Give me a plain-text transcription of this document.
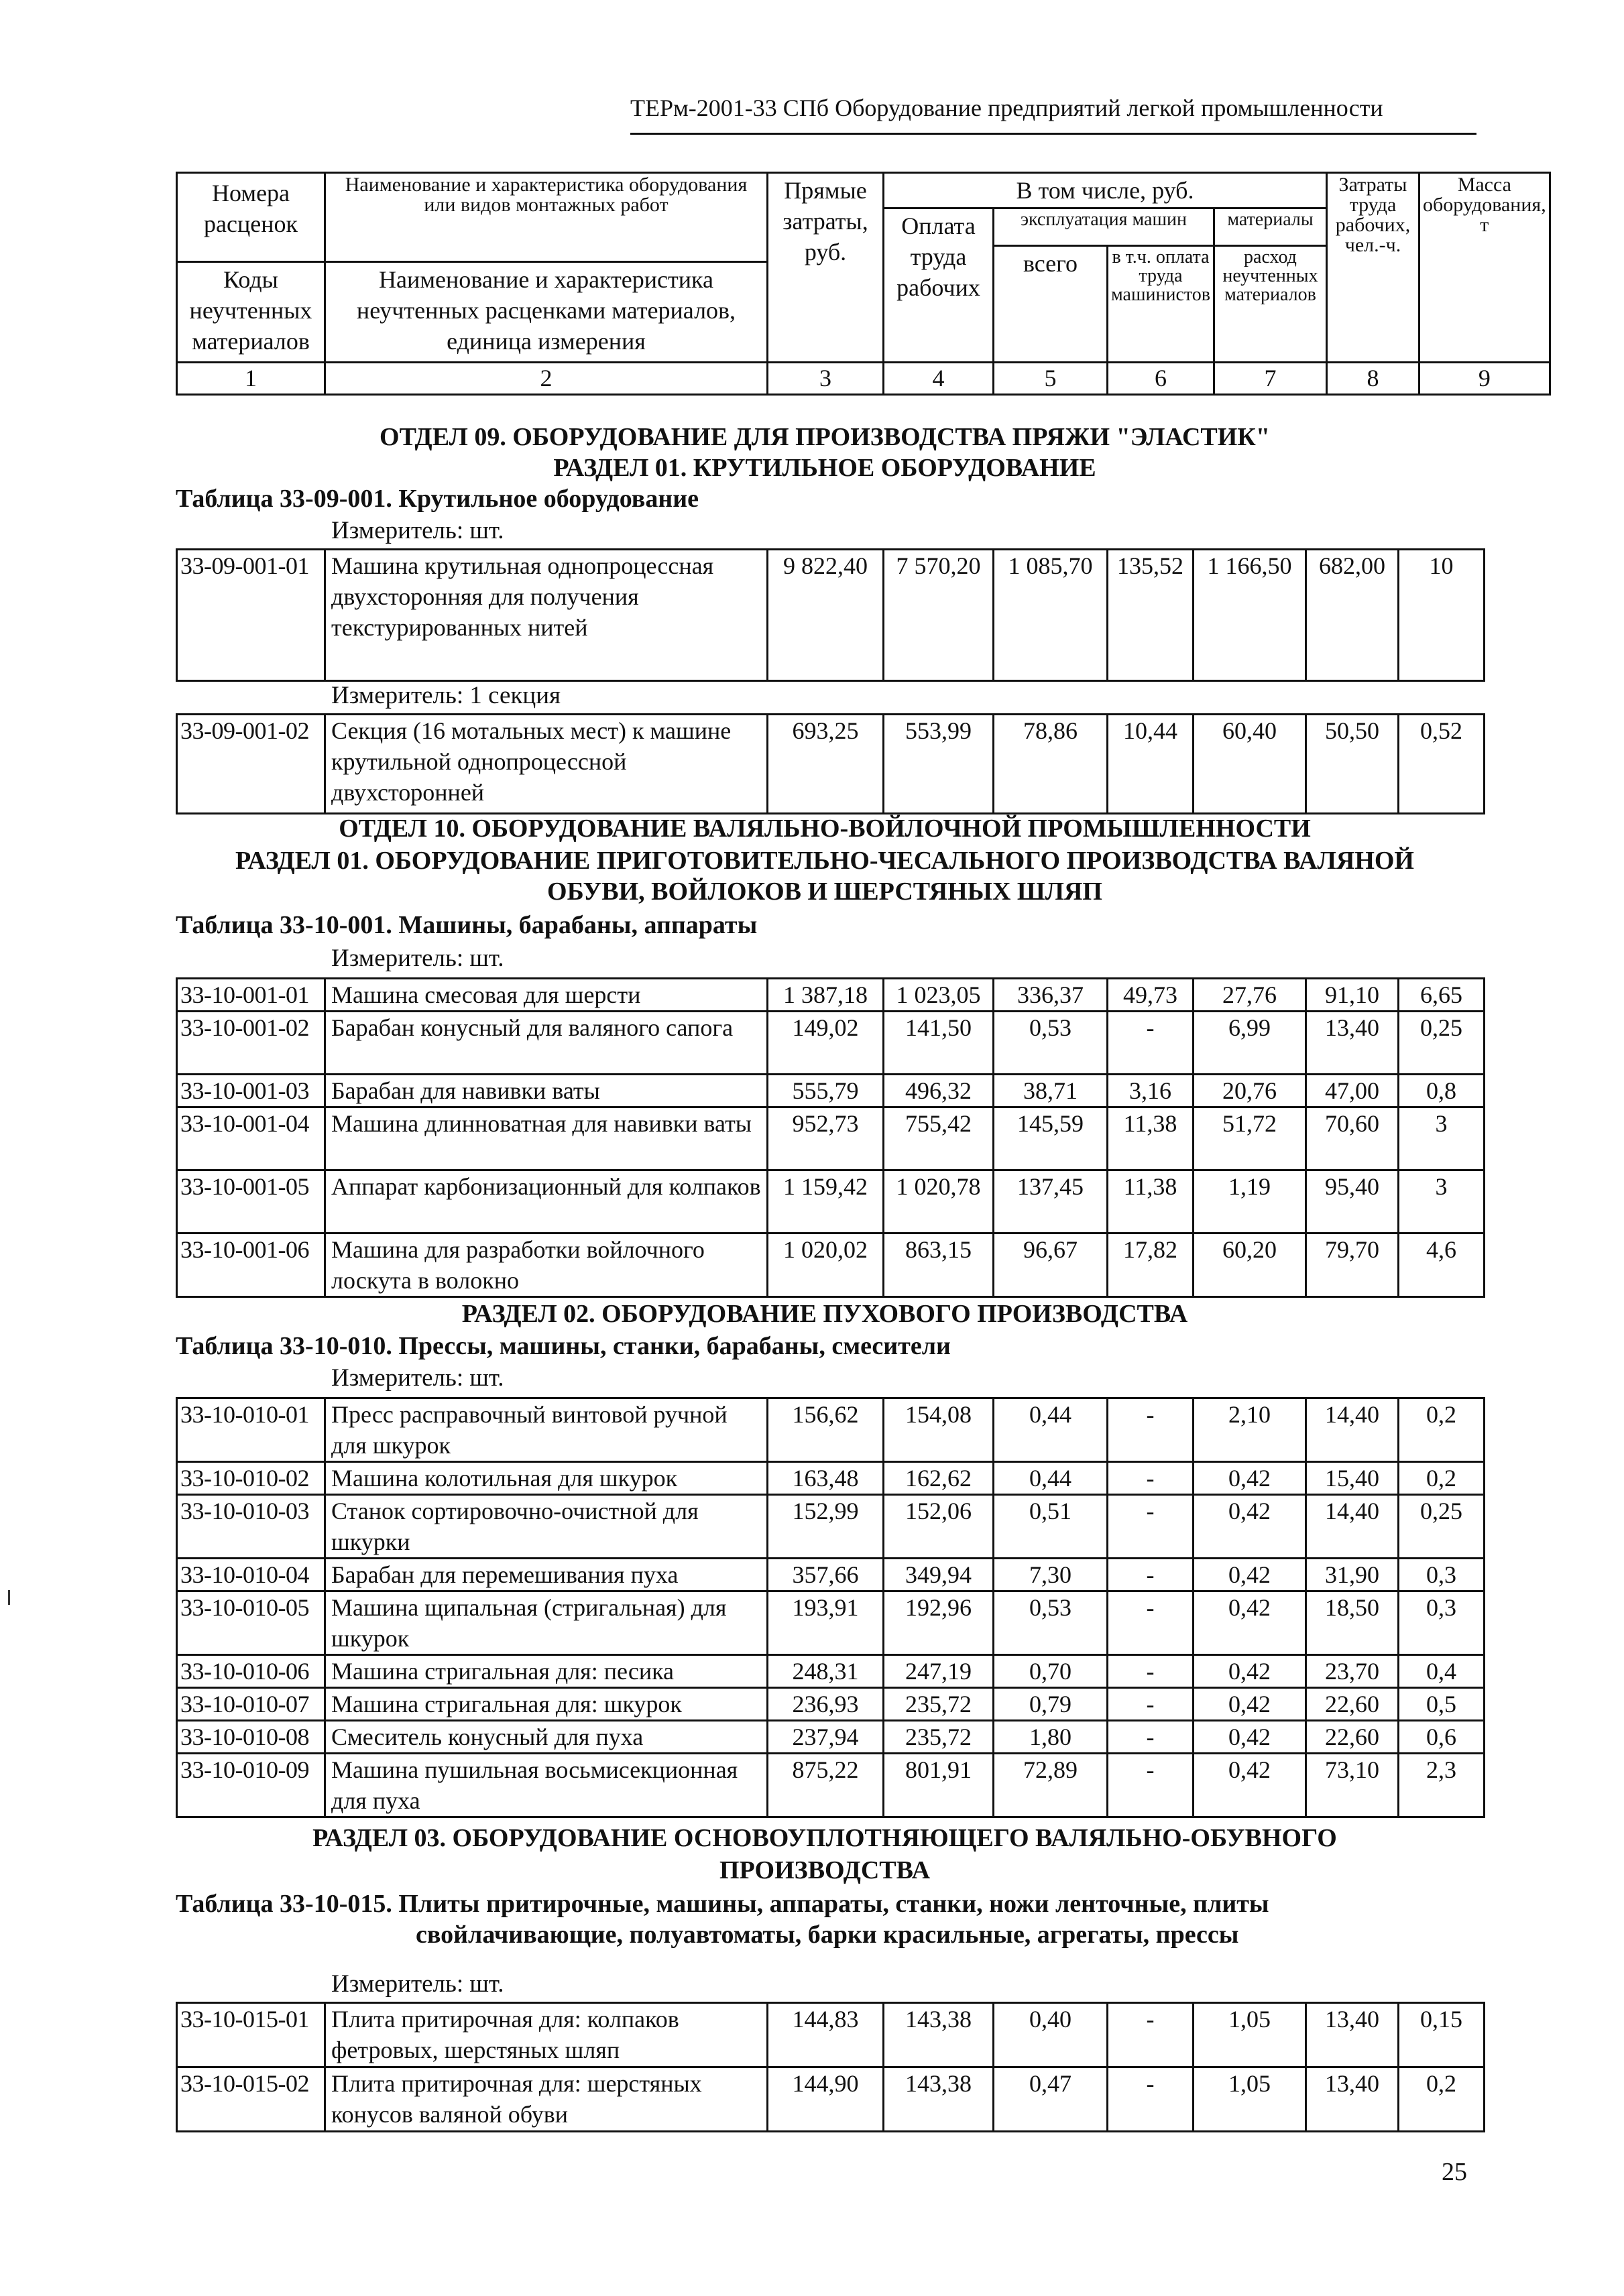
ТЕРм-2001-33 СПб Оборудование предприятий легкой промышленности
Номера расценок	Наименование и характеристика оборудования или видов монтажных работ	Прямые затраты, руб.	В том числе, руб.				Затраты труда рабочих, чел.-ч.	Масса оборудования, т
			Оплата труда рабочих	эксплуатация машин		материалы		
				всего	в т.ч. оплата труда машинистов	расход неучтенных материалов		
Коды неучтенных материалов	Наименование и характеристика неучтенных расценками материалов, единица измерения							

1	2	3	4	5	6	7	8	9
ОТДЕЛ 09. ОБОРУДОВАНИЕ ДЛЯ ПРОИЗВОДСТВА ПРЯЖИ "ЭЛАСТИК"
РАЗДЕЛ 01. КРУТИЛЬНОЕ ОБОРУДОВАНИЕ
Таблица 33-09-001. Крутильное оборудование
Измеритель: шт.
33-09-001-01	Машина крутильная однопроцессная двухсторонняя для получения текстурированных нитей	9 822,40	7 570,20	1 085,70	135,52	1 166,50	682,00	10
Измеритель: 1 секция
33-09-001-02	Секция (16 мотальных мест) к машине крутильной однопроцессной двухсторонней	693,25	553,99	78,86	10,44	60,40	50,50	0,52
ОТДЕЛ 10. ОБОРУДОВАНИЕ ВАЛЯЛЬНО-ВОЙЛОЧНОЙ ПРОМЫШЛЕННОСТИ
РАЗДЕЛ 01. ОБОРУДОВАНИЕ ПРИГОТОВИТЕЛЬНО-ЧЕСАЛЬНОГО ПРОИЗВОДСТВА ВАЛЯНОЙ
ОБУВИ, ВОЙЛОКОВ И ШЕРСТЯНЫХ ШЛЯП
Таблица 33-10-001. Машины, барабаны, аппараты
Измеритель: шт.
33-10-001-01	Машина смесовая для шерсти	1 387,18	1 023,05	336,37	49,73	27,76	91,10	6,65
33-10-001-02	Барабан конусный для валяного сапога	149,02	141,50	0,53	-	6,99	13,40	0,25
33-10-001-03	Барабан для навивки ваты	555,79	496,32	38,71	3,16	20,76	47,00	0,8
33-10-001-04	Машина длинноватная для навивки ваты	952,73	755,42	145,59	11,38	51,72	70,60	3
33-10-001-05	Аппарат карбонизационный для колпаков	1 159,42	1 020,78	137,45	11,38	1,19	95,40	3
33-10-001-06	Машина для разработки войлочного лоскута в волокно	1 020,02	863,15	96,67	17,82	60,20	79,70	4,6
РАЗДЕЛ 02. ОБОРУДОВАНИЕ ПУХОВОГО ПРОИЗВОДСТВА
Таблица 33-10-010. Прессы, машины, станки, барабаны, смесители
Измеритель: шт.
33-10-010-01	Пресс расправочный винтовой ручной для шкурок	156,62	154,08	0,44	-	2,10	14,40	0,2
33-10-010-02	Машина колотильная для шкурок	163,48	162,62	0,44	-	0,42	15,40	0,2
33-10-010-03	Станок сортировочно-очистной для шкурки	152,99	152,06	0,51	-	0,42	14,40	0,25
33-10-010-04	Барабан для перемешивания пуха	357,66	349,94	7,30	-	0,42	31,90	0,3
33-10-010-05	Машина щипальная (стригальная) для шкурок	193,91	192,96	0,53	-	0,42	18,50	0,3
33-10-010-06	Машина стригальная для: песика	248,31	247,19	0,70	-	0,42	23,70	0,4
33-10-010-07	Машина стригальная для: шкурок	236,93	235,72	0,79	-	0,42	22,60	0,5
33-10-010-08	Смеситель конусный для пуха	237,94	235,72	1,80	-	0,42	22,60	0,6
33-10-010-09	Машина пушильная восьмисекционная для пуха	875,22	801,91	72,89	-	0,42	73,10	2,3
РАЗДЕЛ 03. ОБОРУДОВАНИЕ ОСНОВОУПЛОТНЯЮЩЕГО ВАЛЯЛЬНО-ОБУВНОГО
ПРОИЗВОДСТВА
Таблица 33-10-015. Плиты притирочные, машины, аппараты, станки, ножи ленточные, плиты
свойлачивающие, полуавтоматы, барки красильные, агрегаты, прессы
Измеритель: шт.
33-10-015-01	Плита притирочная для: колпаков фетровых, шерстяных шляп	144,83	143,38	0,40	-	1,05	13,40	0,15
33-10-015-02	Плита притирочная для: шерстяных конусов валяной обуви	144,90	143,38	0,47	-	1,05	13,40	0,2
25
